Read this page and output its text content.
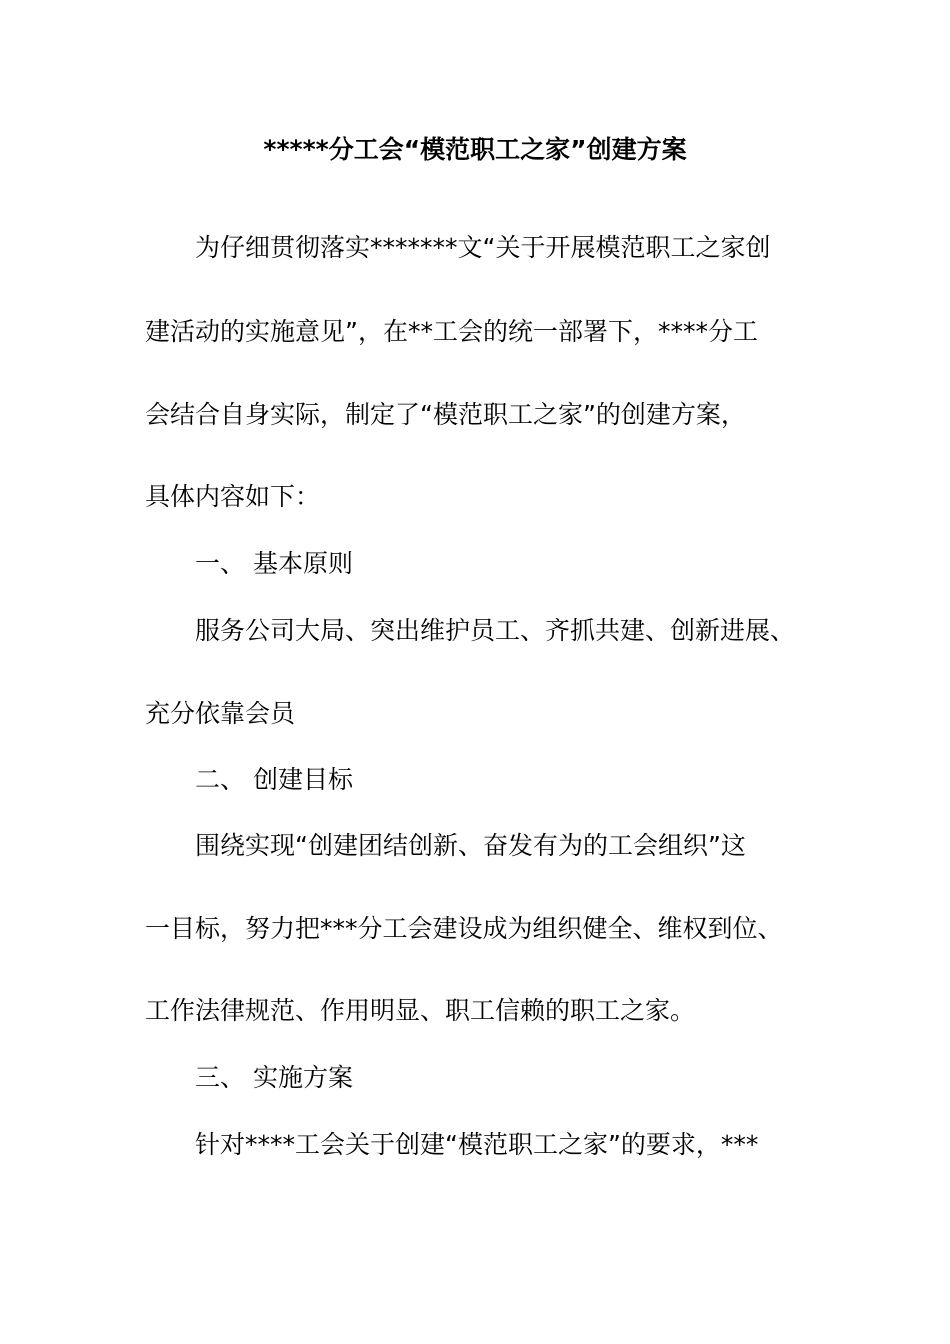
*****分工会“模范职工之家”创建方案
为仔细贯彻落实*******文“关于开展模范职工之家创
建活动的实施意见”，在**工会的统一部署下，****分工
会结合自身实际，制定了“模范职工之家”的创建方案，
具体内容如下：
一、 基本原则
服务公司大局、突出维护员工、齐抓共建、创新进展、
充分依靠会员
二、 创建目标
围绕实现“创建团结创新、奋发有为的工会组织”这
一目标，努力把***分工会建设成为组织健全、维权到位、
工作法律规范、作用明显、职工信赖的职工之家。
三、 实施方案
针对****工会关于创建“模范职工之家”的要求，***
